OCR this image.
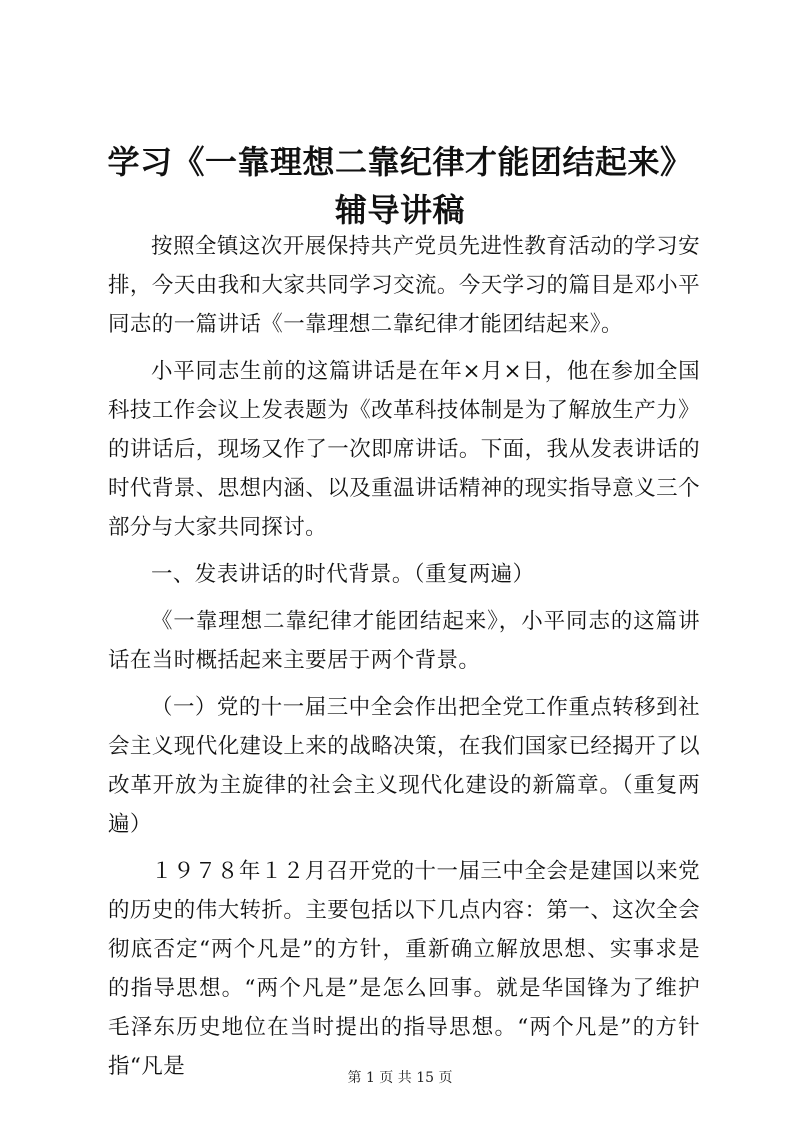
学习《一靠理想二靠纪律才能团结起来》辅导讲稿

按照全镇这次开展保持共产党员先进性教育活动的学习安排，今天由我和大家共同学习交流。今天学习的篇目是邓小平同志的一篇讲话《一靠理想二靠纪律才能团结起来》。

小平同志生前的这篇讲话是在年×月×日，他在参加全国科技工作会议上发表题为《改革科技体制是为了解放生产力》的讲话后，现场又作了一次即席讲话。下面，我从发表讲话的时代背景、思想内涵、以及重温讲话精神的现实指导意义三个部分与大家共同探讨。

一、发表讲话的时代背景。（重复两遍）

《一靠理想二靠纪律才能团结起来》，小平同志的这篇讲话在当时概括起来主要居于两个背景。

（一）党的十一届三中全会作出把全党工作重点转移到社会主义现代化建设上来的战略决策，在我们国家已经揭开了以改革开放为主旋律的社会主义现代化建设的新篇章。（重复两遍）

１９７８年１２月召开党的十一届三中全会是建国以来党的历史的伟大转折。主要包括以下几点内容：第一、这次全会彻底否定“两个凡是”的方针，重新确立解放思想、实事求是的指导思想。“两个凡是”是怎么回事。就是华国锋为了维护毛泽东历史地位在当时提出的指导思想。“两个凡是”的方针指“凡是	第 1 页 共 15 页
